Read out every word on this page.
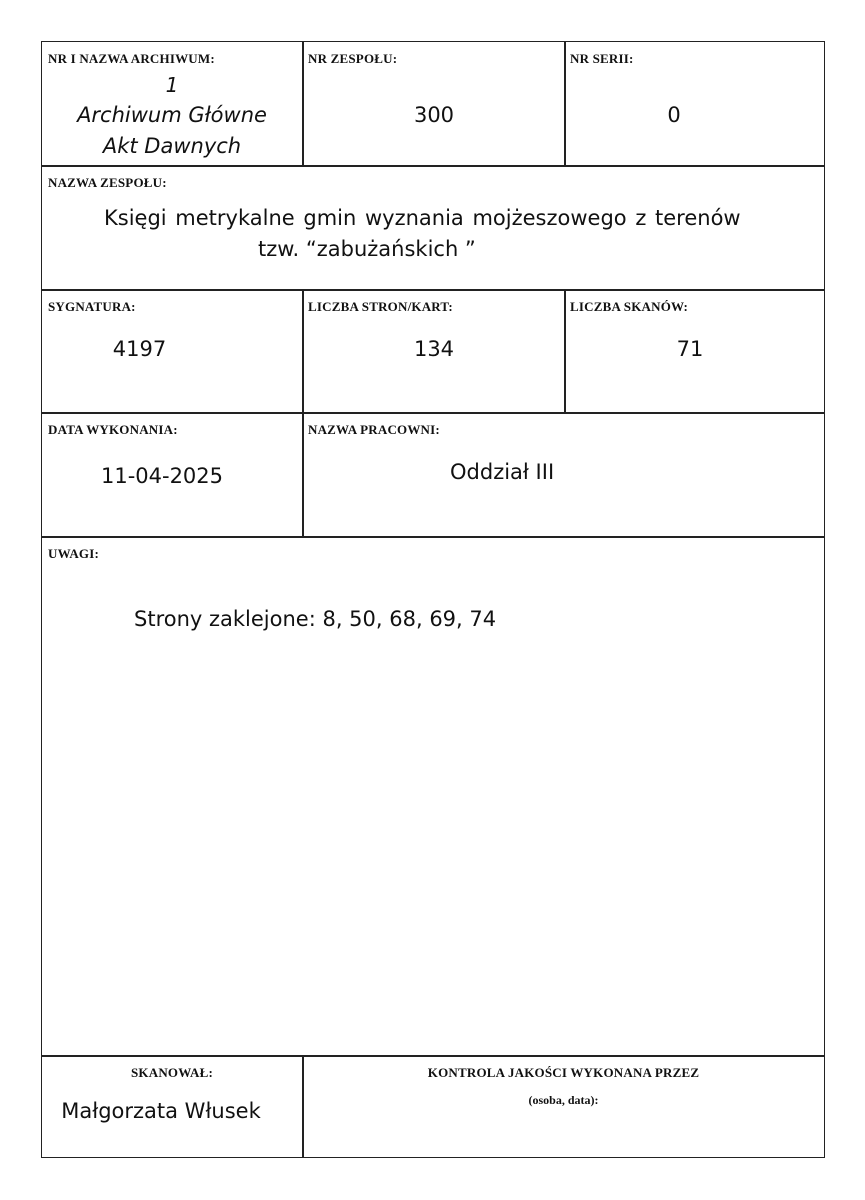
NR I NAZWA ARCHIWUM:
1
Archiwum Główne
Akt Dawnych
NR ZESPOŁU:
300
NR SERII:
0
NAZWA ZESPOŁU:
Księgi metrykalne gmin wyznania mojżeszowego z terenów
tzw. “zabużańskich ”
SYGNATURA:
4197
LICZBA STRON/KART:
134
LICZBA SKANÓW:
71
DATA WYKONANIA:
11-04-2025
NAZWA PRACOWNI:
Oddział III
UWAGI:
Strony zaklejone: 8, 50, 68, 69, 74
SKANOWAŁ:
Małgorzata Włusek
KONTROLA JAKOŚCI WYKONANA PRZEZ
(osoba, data):
